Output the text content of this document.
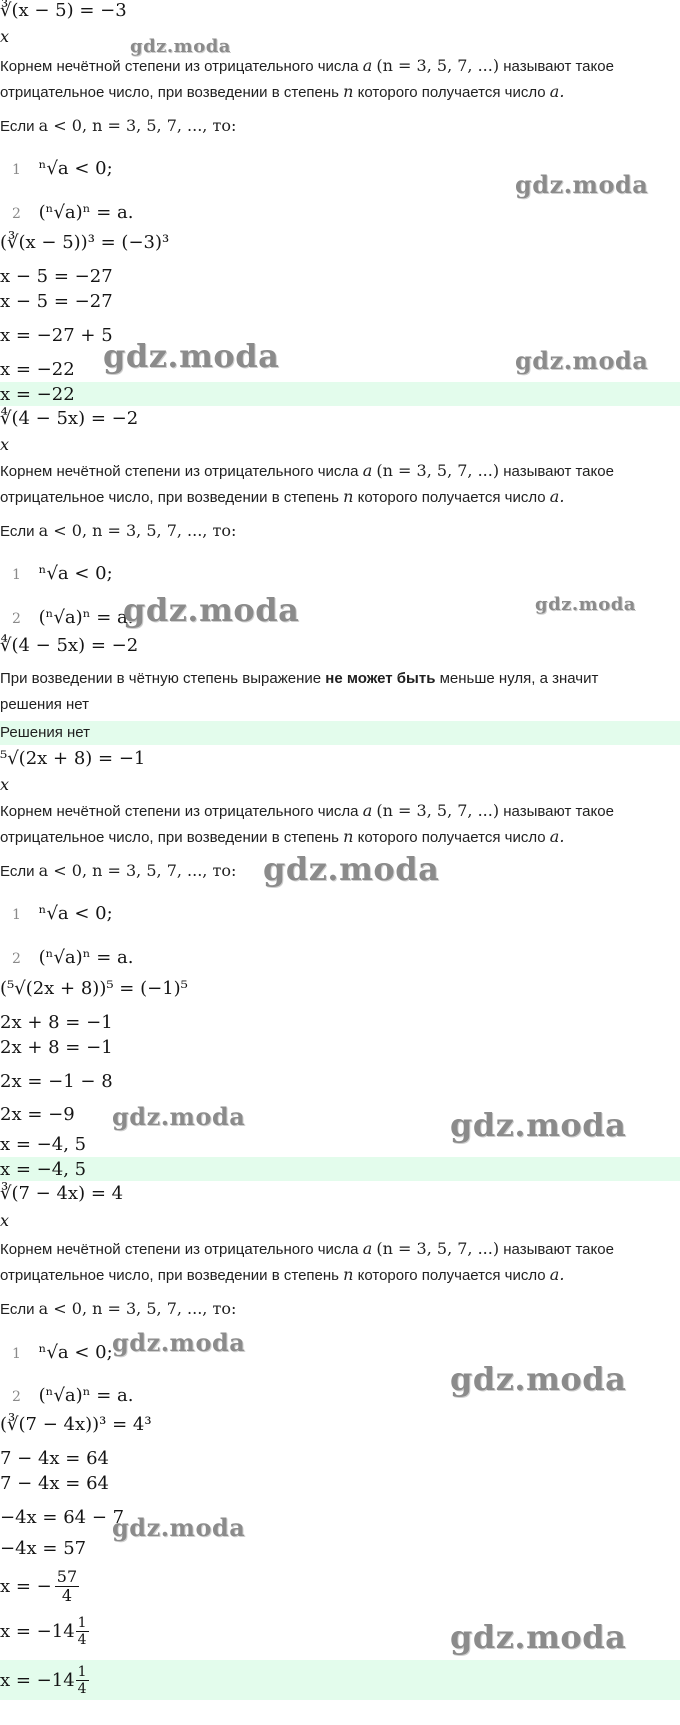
∛(x − 5) = −3
x
Корнем нечётной степени из отрицательного числа a (n = 3, 5, 7, ...) называют такое
отрицательное число, при возведении в степень n которого получается число a.
Если a < 0, n = 3, 5, 7, ..., то:
1 ⁿ√a < 0;
2 (ⁿ√a)ⁿ = a.
(∛(x − 5))³ = (−3)³
x − 5 = −27
x − 5 = −27
x = −27 + 5
x = −22
x = −22
∜(4 − 5x) = −2
x
Корнем нечётной степени из отрицательного числа a (n = 3, 5, 7, ...) называют такое
отрицательное число, при возведении в степень n которого получается число a.
Если a < 0, n = 3, 5, 7, ..., то:
1 ⁿ√a < 0;
2 (ⁿ√a)ⁿ = a.
∜(4 − 5x) = −2
При возведении в чётную степень выражение не может быть меньше нуля, а значит
решения нет
Решения нет
⁵√(2x + 8) = −1
x
Корнем нечётной степени из отрицательного числа a (n = 3, 5, 7, ...) называют такое
отрицательное число, при возведении в степень n которого получается число a.
Если a < 0, n = 3, 5, 7, ..., то:
1 ⁿ√a < 0;
2 (ⁿ√a)ⁿ = a.
(⁵√(2x + 8))⁵ = (−1)⁵
2x + 8 = −1
2x + 8 = −1
2x = −1 − 8
2x = −9
x = −4, 5
x = −4, 5
∛(7 − 4x) = 4
x
Корнем нечётной степени из отрицательного числа a (n = 3, 5, 7, ...) называют такое
отрицательное число, при возведении в степень n которого получается число a.
Если a < 0, n = 3, 5, 7, ..., то:
1 ⁿ√a < 0;
2 (ⁿ√a)ⁿ = a.
(∛(7 − 4x))³ = 4³
7 − 4x = 64
7 − 4x = 64
−4x = 64 − 7
−4x = 57
x = − $\frac{57}{4}$
$x = -14 \frac{1}{4}$
$x = -14 \frac{1}{4}$
gdz.moda
gdz.moda
gdz.moda	gdz.moda
gdz.moda	gdz.moda
gdz.moda
gdz.moda	gdz.moda
gdz.moda
gdz.moda
gdz.moda
gdz.moda
